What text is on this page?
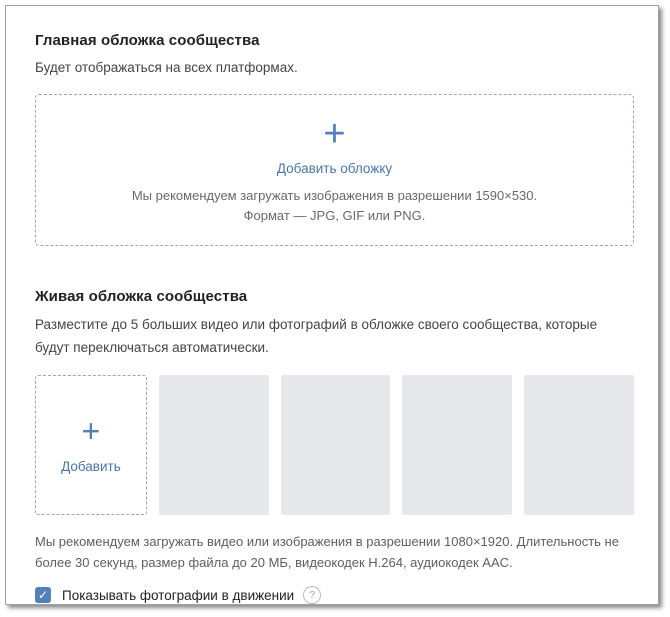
Главная обложка сообщества

Будет отображаться на всех платформах.

+
Добавить обложку

Мы рекомендуем загружать изображения в разрешении 1590×530.
Формат — JPG, GIF или PNG.

Живая обложка сообщества

Разместите до 5 больших видео или фотографий в обложке своего сообщества, которые будут переключаться автоматически.

+
Добавить

Мы рекомендуем загружать видео или изображения в разрешении 1080×1920. Длительность не более 30 секунд, размер файла до 20 МБ, видеокодек H.264, аудиокодек AAC.

✓ Показывать фотографии в движении	?
